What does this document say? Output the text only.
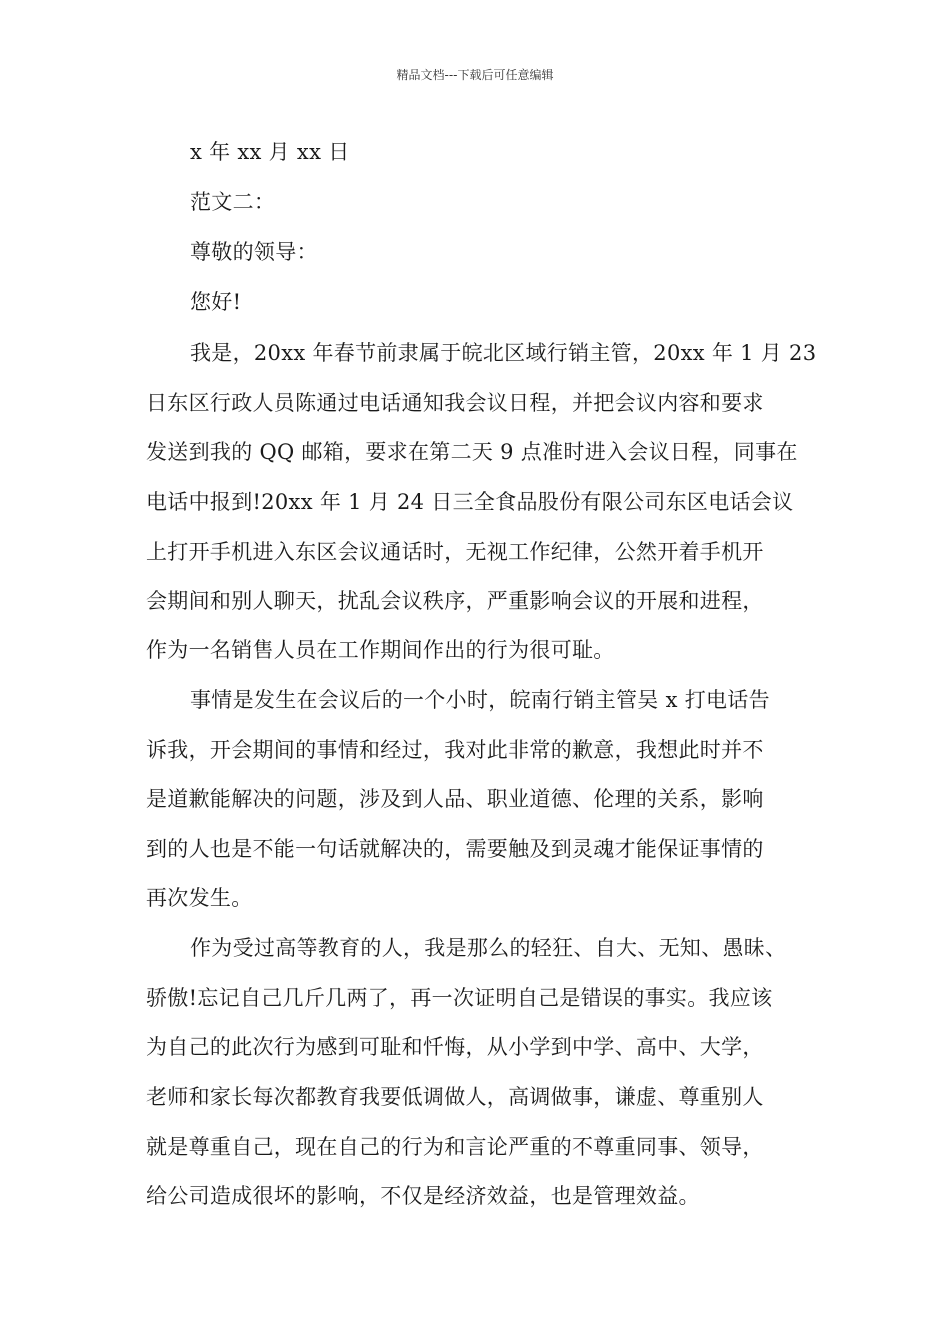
精品文档---下载后可任意编辑
x 年 xx 月 xx 日
范文二：
尊敬的领导：
您好!
我是，20xx 年春节前隶属于皖北区域行销主管，20xx 年 1 月 23
日东区行政人员陈通过电话通知我会议日程，并把会议内容和要求
发送到我的 QQ 邮箱，要求在第二天 9 点准时进入会议日程，同事在
电话中报到!20xx 年 1 月 24 日三全食品股份有限公司东区电话会议
上打开手机进入东区会议通话时，无视工作纪律，公然开着手机开
会期间和别人聊天，扰乱会议秩序，严重影响会议的开展和进程，
作为一名销售人员在工作期间作出的行为很可耻。
事情是发生在会议后的一个小时，皖南行销主管吴 x 打电话告
诉我，开会期间的事情和经过，我对此非常的歉意，我想此时并不
是道歉能解决的问题，涉及到人品、职业道德、伦理的关系，影响
到的人也是不能一句话就解决的，需要触及到灵魂才能保证事情的
再次发生。
作为受过高等教育的人，我是那么的轻狂、自大、无知、愚昧、
骄傲!忘记自己几斤几两了，再一次证明自己是错误的事实。我应该
为自己的此次行为感到可耻和忏悔，从小学到中学、高中、大学，
老师和家长每次都教育我要低调做人，高调做事，谦虚、尊重别人
就是尊重自己，现在自己的行为和言论严重的不尊重同事、领导，
给公司造成很坏的影响，不仅是经济效益，也是管理效益。
